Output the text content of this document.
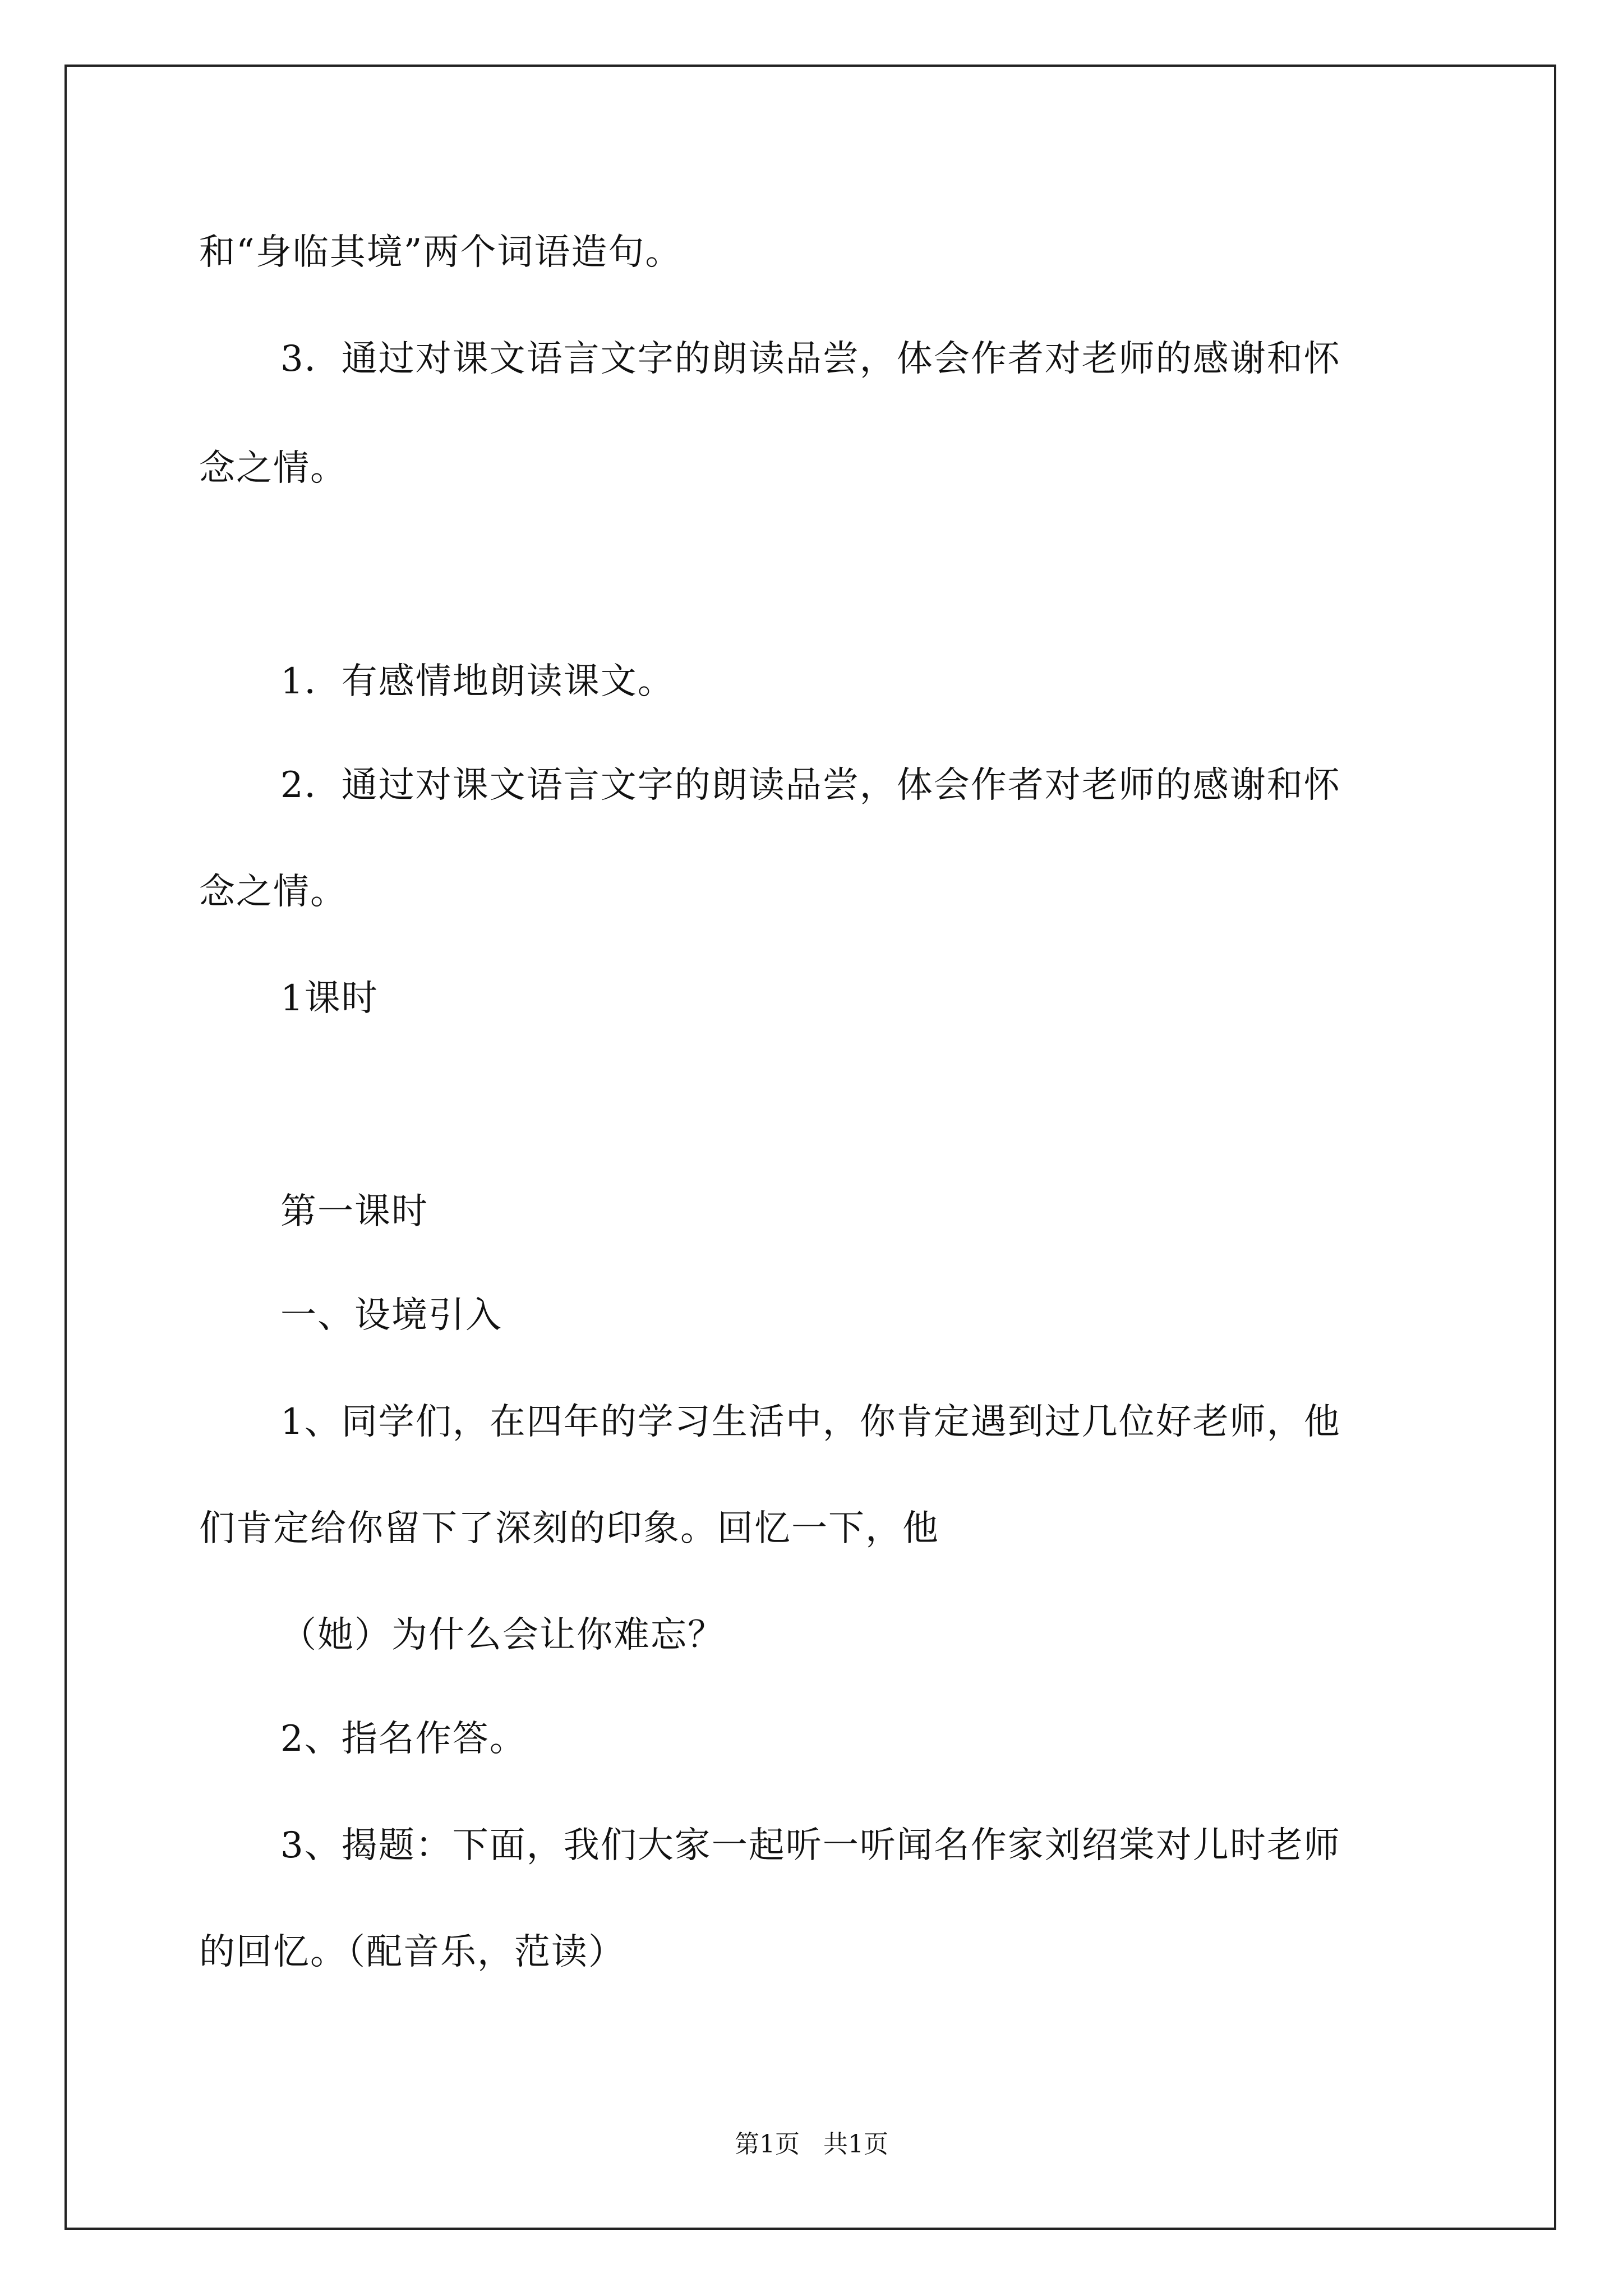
和“身临其境”两个词语造句。
3．通过对课文语言文字的朗读品尝，体会作者对老师的感谢和怀
念之情。
1．有感情地朗读课文。
2．通过对课文语言文字的朗读品尝，体会作者对老师的感谢和怀
念之情。
1课时
第一课时
一、设境引入
1、同学们，在四年的学习生活中，你肯定遇到过几位好老师，他
们肯定给你留下了深刻的印象。回忆一下，他
（她）为什么会让你难忘？
2、指名作答。
3、揭题：下面，我们大家一起听一听闻名作家刘绍棠对儿时老师
的回忆。（配音乐，范读）
第1页   共1页
